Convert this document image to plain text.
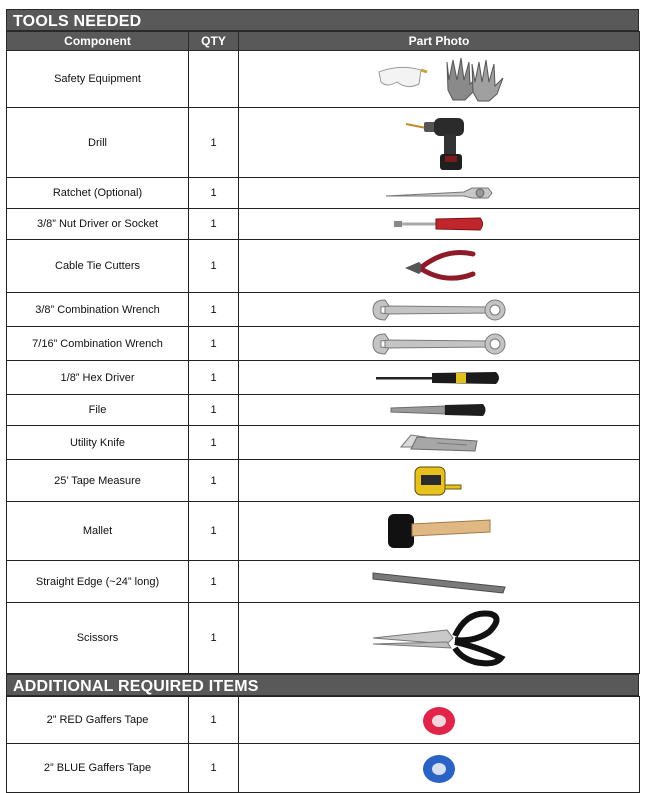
TOOLS NEEDED
Component	QTY	Part Photo
Safety Equipment		

Drill	1	

Ratchet (Optional)	1	

3/8” Nut Driver or Socket	1	

Cable Tie Cutters	1	

3/8” Combination Wrench	1	

7/16” Combination Wrench	1	

1/8” Hex Driver	1	

File	1	

Utility Knife	1	

25’ Tape Measure	1	

Mallet	1	

Straight Edge (~24” long)	1	

Scissors	1	
ADDITIONAL REQUIRED ITEMS
2” RED Gaffers Tape	1	

2” BLUE Gaffers Tape	1	
